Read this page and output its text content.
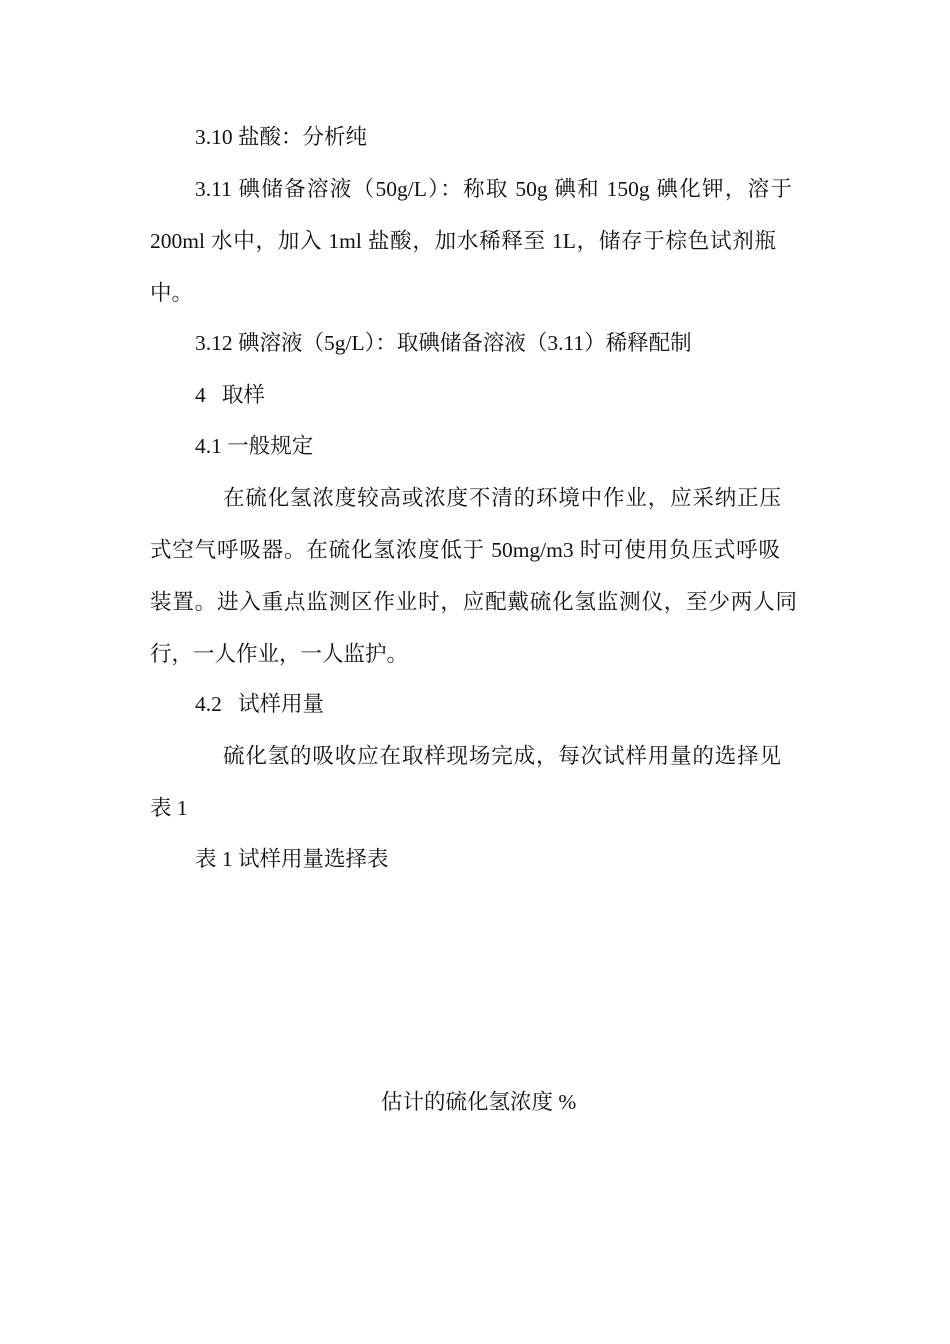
3.10 盐酸：分析纯
3.11 碘储备溶液（50g/L）：称取 50g 碘和 150g 碘化钾，溶于
200ml 水中，加入 1ml 盐酸，加水稀释至 1L，储存于棕色试剂瓶
中。
3.12 碘溶液（5g/L）：取碘储备溶液（3.11）稀释配制
4   取样
4.1 一般规定
在硫化氢浓度较高或浓度不清的环境中作业，应采纳正压
式空气呼吸器。在硫化氢浓度低于 50mg/m3 时可使用负压式呼吸
装置。进入重点监测区作业时，应配戴硫化氢监测仪，至少两人同
行，一人作业，一人监护。
4.2   试样用量
硫化氢的吸收应在取样现场完成，每次试样用量的选择见
表 1
表 1 试样用量选择表
估计的硫化氢浓度 %
